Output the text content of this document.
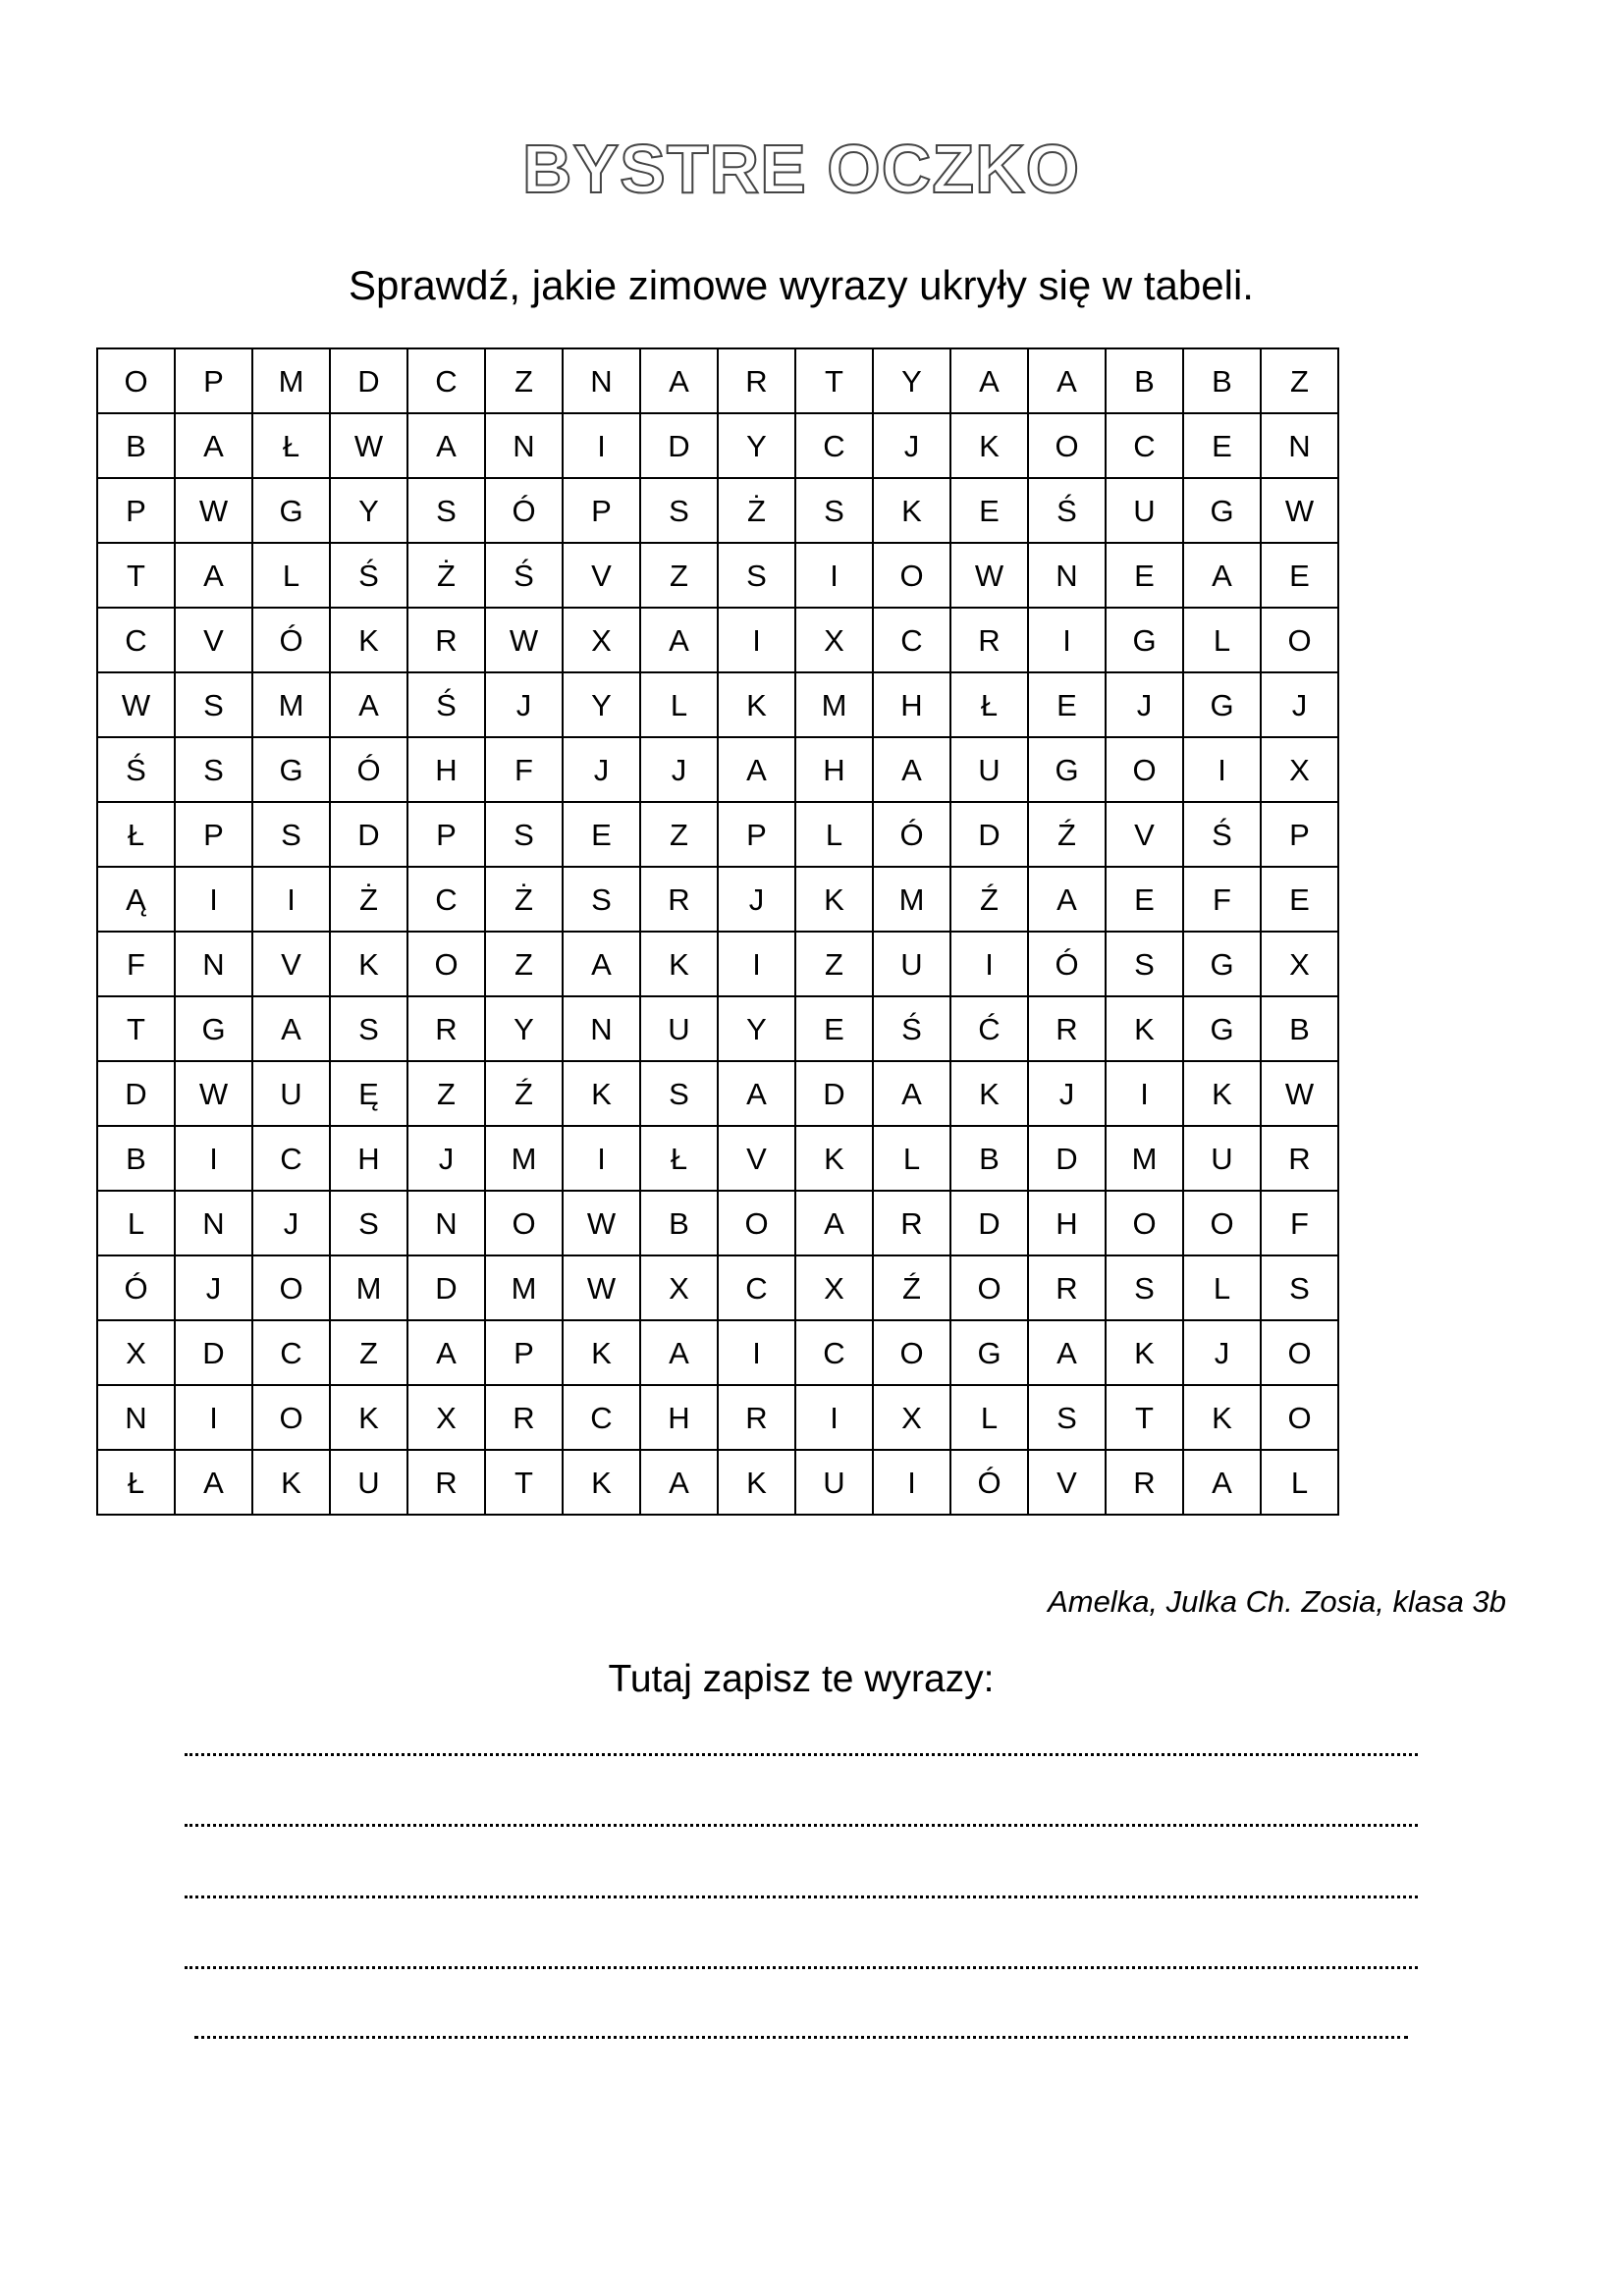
BYSTRE OCZKO
Sprawdź, jakie zimowe wyrazy ukryły się w tabeli.
O	P	M	D	C	Z	N	A	R	T	Y	A	A	B	B	Z
B	A	Ł	W	A	N	I	D	Y	C	J	K	O	C	E	N
P	W	G	Y	S	Ó	P	S	Ż	S	K	E	Ś	U	G	W
T	A	L	Ś	Ż	Ś	V	Z	S	I	O	W	N	E	A	E
C	V	Ó	K	R	W	X	A	I	X	C	R	I	G	L	O
W	S	M	A	Ś	J	Y	L	K	M	H	Ł	E	J	G	J
Ś	S	G	Ó	H	F	J	J	A	H	A	U	G	O	I	X
Ł	P	S	D	P	S	E	Z	P	L	Ó	D	Ź	V	Ś	P
Ą	I	I	Ż	C	Ż	S	R	J	K	M	Ź	A	E	F	E
F	N	V	K	O	Z	A	K	I	Z	U	I	Ó	S	G	X
T	G	A	S	R	Y	N	U	Y	E	Ś	Ć	R	K	G	B
D	W	U	Ę	Z	Ź	K	S	A	D	A	K	J	I	K	W
B	I	C	H	J	M	I	Ł	V	K	L	B	D	M	U	R
L	N	J	S	N	O	W	B	O	A	R	D	H	O	O	F
Ó	J	O	M	D	M	W	X	C	X	Ź	O	R	S	L	S
X	D	C	Z	A	P	K	A	I	C	O	G	A	K	J	O
N	I	O	K	X	R	C	H	R	I	X	L	S	T	K	O
Ł	A	K	U	R	T	K	A	K	U	I	Ó	V	R	A	L
Amelka, Julka Ch. Zosia, klasa 3b
Tutaj zapisz te wyrazy:
